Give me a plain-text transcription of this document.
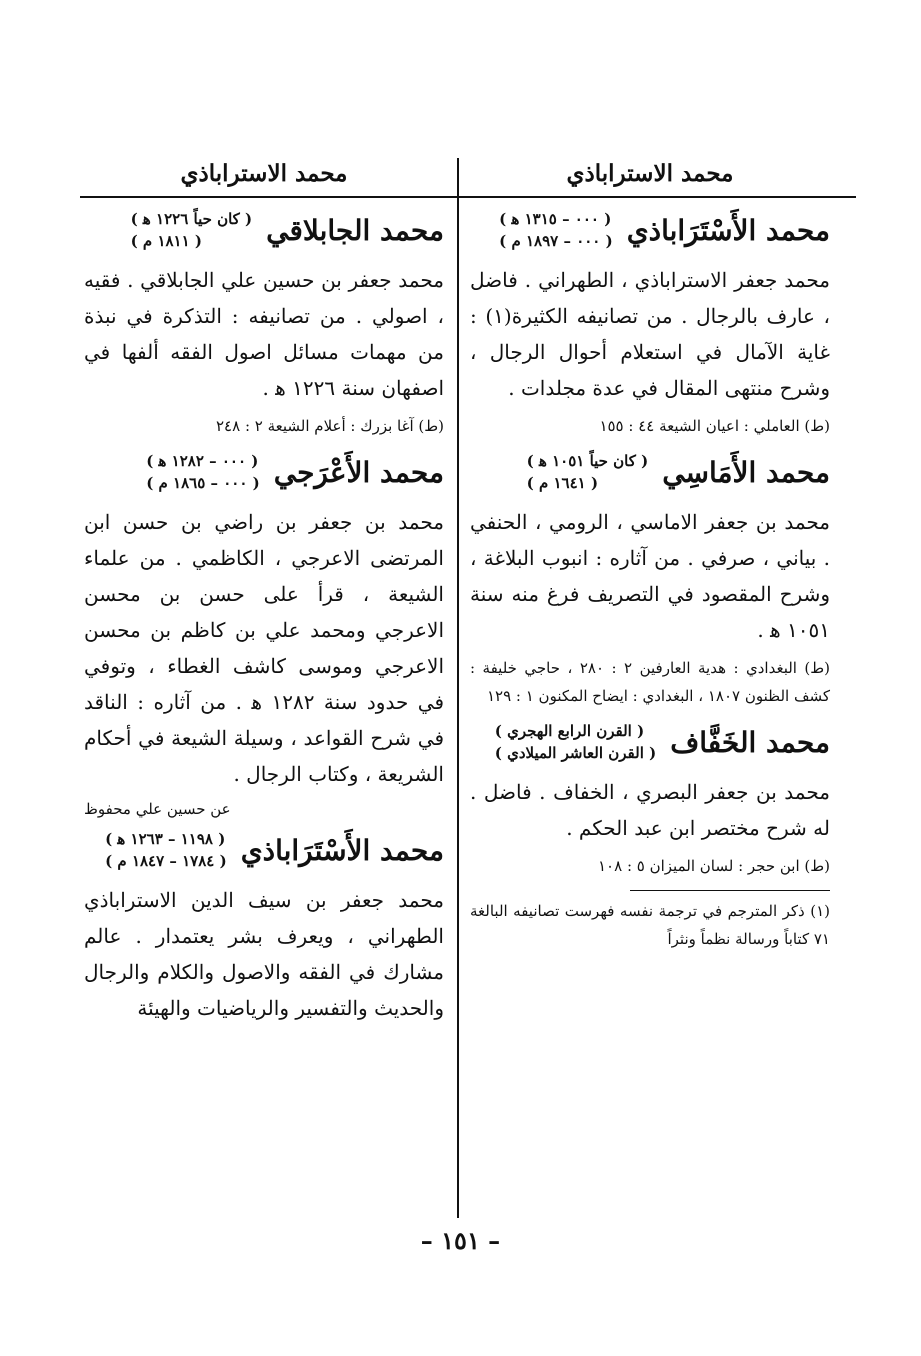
محمد الاستراباذي
محمد الاستراباذي
محمد الأَسْتَرَاباذي
( ٠٠٠ – ١٣١٥ ﻫ )
( ٠٠٠ – ١٨٩٧ م )

محمد جعفر الاستراباذي ، الطهراني . فاضل ، عارف بالرجال . من تصانيفه الكثيرة(١) : غاية الآمال في استعلام أحوال الرجال ، وشرح منتهى المقال في عدة مجلدات .

(ط) العاملي : اعيان الشيعة ٤٤ : ١٥٥

محمد الأَمَاسِي
( كان حياً ١٠٥١ ﻫ )
( ١٦٤١ م )

محمد بن جعفر الاماسي ، الرومي ، الحنفي . بياني ، صرفي . من آثاره : انبوب البلاغة ، وشرح المقصود في التصريف فرغ منه سنة ١٠٥١ ﻫ .

(ط) البغدادي : هدية العارفين ٢ : ٢٨٠ ، حاجي خليفة : كشف الظنون ١٨٠٧ ، البغدادي : ايضاح المكنون ١ : ١٢٩

محمد الخَفَّاف
( القرن الرابع الهجري )
( القرن العاشر الميلادي )

محمد بن جعفر البصري ، الخفاف . فاضل . له شرح مختصر ابن عبد الحكم .

(ط) ابن حجر : لسان الميزان ٥ : ١٠٨

(١) ذكر المترجم في ترجمة نفسه فهرست تصانيفه البالغة ٧١ كتاباً ورسالة نظماً ونثراً

محمد الجابلاقي
( كان حياً ١٢٢٦ ﻫ )
( ١٨١١ م )

محمد جعفر بن حسين علي الجابلاقي . فقيه ، اصولي . من تصانيفه : التذكرة في نبذة من مهمات مسائل اصول الفقه ألفها في اصفهان سنة ١٢٢٦ ﻫ .

(ط) آغا بزرك : أعلام الشيعة ٢ : ٢٤٨

محمد الأَعْرَجي
( ٠٠٠ – ١٢٨٢ ﻫ )
( ٠٠٠ – ١٨٦٥ م )

محمد بن جعفر بن راضي بن حسن ابن المرتضى الاعرجي ، الكاظمي . من علماء الشيعة ، قرأ على حسن بن محسن الاعرجي ومحمد علي بن كاظم بن محسن الاعرجي وموسى كاشف الغطاء ، وتوفي في حدود سنة ١٢٨٢ ﻫ . من آثاره : الناقد في شرح القواعد ، وسيلة الشيعة في أحكام الشريعة ، وكتاب الرجال .

عن حسين علي محفوظ

محمد الأَسْتَرَاباذي
( ١١٩٨ – ١٢٦٣ ﻫ )
( ١٧٨٤ – ١٨٤٧ م )

محمد جعفر بن سيف الدين الاستراباذي الطهراني ، ويعرف بشر يعتمدار . عالم مشارك في الفقه والاصول والكلام والرجال والحديث والتفسير والرياضيات والهيئة

– ١٥١ –
